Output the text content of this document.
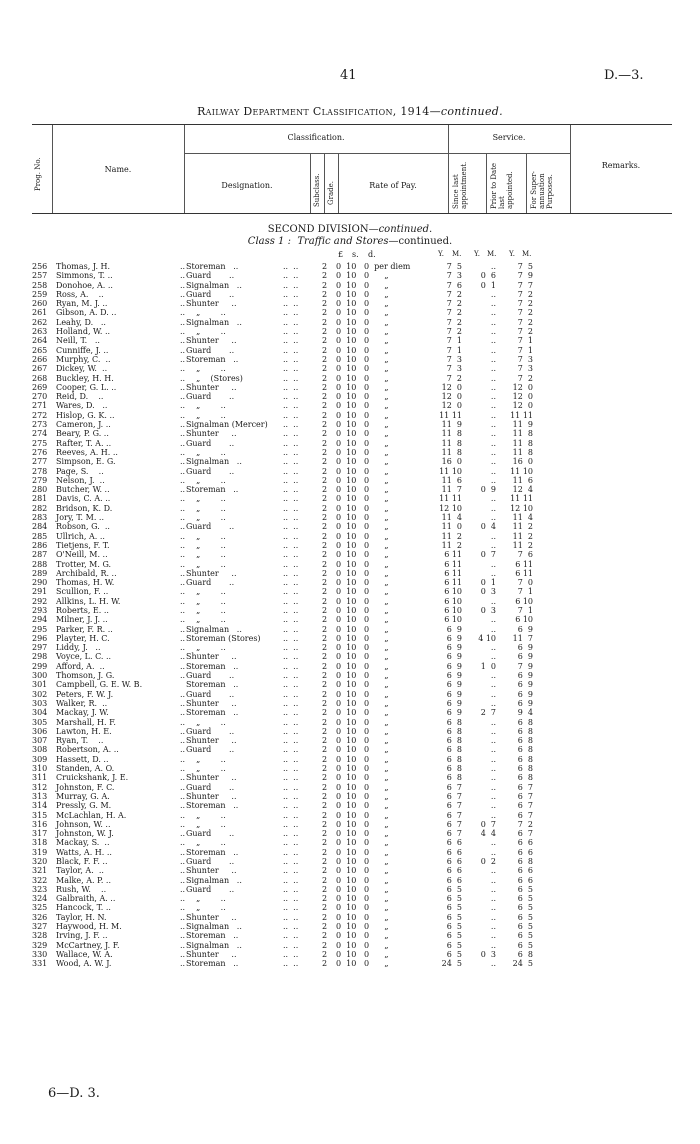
41	D.—3.
Railway Department Classification, 1914—continued.
Prog. No.	Name.
Classification.	Service.
Remarks.
Designation.	Subclass. Grade.	Rate of Pay.	Since last appointment.	Prior to Date last appointed. For Super- annuation Purposes.
SECOND DIVISION—continued.
Class 1 : Traffic and Stores—continued.
£ s. d.	Y. M. Y. M. Y. M.
256 Thomas, J. H.	.. Storeman   ..	..  ..	2 0  10   0  per diem	7  5	..	7  5
257 Simmons, T. ..	.. Guard       ..	..  ..	2 0  10   0      „	7  3	0  6	7  9
258 Donohoe, A. ..	.. Signalman   ..	..  ..	2 0  10   0      „	7  6	0  1	7  7
259 Ross, A.    ..	.. Guard       ..	..  ..	2 0  10   0      „	7  2	..	7  2
260 Ryan, M. J. ..	.. Shunter     ..	..  ..	2 0  10   0      „	7  2	..	7  2
261 Gibson, A. D. ..	.. „        ..	..  ..	2 0  10   0      „	7  2	..	7  2
262 Leahy, D.   ..	.. Signalman   ..	..  ..	2 0  10   0      „	7  2	..	7  2
263 Holland, W. ..	.. „        ..	..  ..	2 0  10   0      „	7  2	..	7  2
264 Neill, T.   ..	.. Shunter     ..	..  ..	2 0  10   0      „	7  1	..	7  1
265 Cunniffe, J. ..	.. Guard       ..	..  ..	2 0  10   0      „	7  1	..	7  1
266 Murphy, C.  ..	.. Storeman   ..	..  ..	2 0  10   0      „	7  3	..	7  3
267 Dickey, W.  ..	.. „        ..	..  ..	2 0  10   0      „	7  3	..	7  3
268 Buckley, H. H.	.. „    (Stores)	..  ..	2 0  10   0      „	7  2	..	7  2
269 Cooper, G. L. ..	.. Shunter     ..	..  ..	2 0  10   0      „	12  0	..	12  0
270 Reid, D.    ..	.. Guard       ..	..  ..	2 0  10   0      „	12  0	..	12  0
271 Wares, D.   ..	.. „        ..	..  ..	2 0  10   0      „	12  0	..	12  0
272 Hislop, G. K. ..	.. „        ..	..  ..	2 0  10   0      „	11 11	..	11 11
273 Cameron, J. ..	.. Signalman (Mercer) ..  ..	2 0  10   0      „	11  9	..	11  9
274 Beary, P. G. ..	.. Shunter     ..	..  ..	2 0  10   0      „	11  8	..	11  8
275 Rafter, T. A. ..	.. Guard       ..	..  ..	2 0  10   0      „	11  8	..	11  8
276 Reeves, A. H. ..	.. „        ..	..  ..	2 0  10   0      „	11  8	..	11  8
277 Simpson, E. G.	.. Signalman   ..	..  ..	2 0  10   0      „	16  0	..	16  0
278 Page, S.    ..	.. Guard       ..	..  ..	2 0  10   0      „	11 10	..	11 10
279 Nelson, J.  ..	.. „        ..	..  ..	2 0  10   0      „	11  6	..	11  6
280 Butcher, W. ..	.. Storeman   ..	..  ..	2 0  10   0      „	11  7	0  9	12  4
281 Davis, C. A. ..	.. „        ..	..  ..	2 0  10   0      „	11 11	..	11 11
282 Bridson, K. D.	.. „        ..	..  ..	2 0  10   0      „	12 10	..	12 10
283 Jory, T. M. ..	.. „        ..	..  ..	2 0  10   0      „	11  4	..	11  4
284 Robson, G.  ..	.. Guard       ..	..  ..	2 0  10   0      „	11  0	0  4	11  2
285 Ullrich, A. ..	.. „        ..	..  ..	2 0  10   0      „	11  2	..	11  2
286 Tietjens, F. T.	.. „        ..	..  ..	2 0  10   0      „	11  2	..	11  2
287 O'Neill, M. ..	.. „        ..	..  ..	2 0  10   0      „	6 11	0  7	7  6
288 Trotter, M. G.	.. „        ..	..  ..	2 0  10   0      „	6 11	..	6 11
289 Archibald, R. ..	.. Shunter     ..	..  ..	2 0  10   0      „	6 11	..	6 11
290 Thomas, H. W.	.. Guard       ..	..  ..	2 0  10   0      „	6 11	0  1	7  0
291 Scullion, F. ..	.. „        ..	..  ..	2 0  10   0      „	6 10	0  3	7  1
292 Allkins, L. H. W.	.. „        ..	..  ..	2 0  10   0      „	6 10	..	6 10
293 Roberts, E. ..	.. „        ..	..  ..	2 0  10   0      „	6 10	0  3	7  1
294 Milner, J. J. ..	.. „        ..	..  ..	2 0  10   0      „	6 10	..	6 10
295 Parker, F. R. ..	.. Signalman   ..	..  ..	2 0  10   0      „	6  9	..	6  9
296 Playter, H. C.	.. Storeman (Stores)	..  ..	2 0  10   0      „	6  9	4 10	11  7
297 Liddy, J.   ..	.. „        ..	..  ..	2 0  10   0      „	6  9	..	6  9
298 Voyce, L. C. ..	.. Shunter     ..	..  ..	2 0  10   0      „	6  9	..	6  9
299 Afford, A.  ..	.. Storeman   ..	..  ..	2 0  10   0      „	6  9	1  0	7  9
300 Thomson, J. G.	.. Guard       ..	..  ..	2 0  10   0      „	6  9	..	6  9
301 Campbell, G. E. W. B.	Storeman   ..	..  ..	2 0  10   0      „	6  9	..	6  9
302 Peters, F. W. J.	.. Guard       ..	..  ..	2 0  10   0      „	6  9	..	6  9
303 Walker, R.  ..	.. Shunter     ..	..  ..	2 0  10   0      „	6  9	..	6  9
304 Mackay, J. W.	.. Storeman   ..	..  ..	2 0  10   0      „	6  9	2  7	9  4
305 Marshall, H. F.	.. „        ..	..  ..	2 0  10   0      „	6  8	..	6  8
306 Lawton, H. E.	.. Guard       ..	..  ..	2 0  10   0      „	6  8	..	6  8
307 Ryan, T.    ..	.. Shunter     ..	..  ..	2 0  10   0      „	6  8	..	6  8
308 Robertson, A. ..	.. Guard       ..	..  ..	2 0  10   0      „	6  8	..	6  8
309 Hassett, D. ..	.. „        ..	..  ..	2 0  10   0      „	6  8	..	6  8
310 Standen, A. O.	.. „        ..	..  ..	2 0  10   0      „	6  8	..	6  8
311 Cruickshank, J. E.	.. Shunter     ..	..  ..	2 0  10   0      „	6  8	..	6  8
312 Johnston, F. C.	.. Guard       ..	..  ..	2 0  10   0      „	6  7	..	6  7
313 Murray, G. A.	.. Shunter     ..	..  ..	2 0  10   0      „	6  7	..	6  7
314 Pressly, G. M.	.. Storeman   ..	..  ..	2 0  10   0      „	6  7	..	6  7
315 McLachlan, H. A.	.. „        ..	..  ..	2 0  10   0      „	6  7	..	6  7
316 Johnson, W. ..	.. „        ..	..  ..	2 0  10   0      „	6  7	0  7	7  2
317 Johnston, W. J.	.. Guard       ..	..  ..	2 0  10   0      „	6  7	4  4	6  7
318 Mackay, S.  ..	.. „        ..	..  ..	2 0  10   0      „	6  6	..	6  6
319 Watts, A. H. ..	.. Storeman   ..	..  ..	2 0  10   0      „	6  6	..	6  6
320 Black, F. F. ..	.. Guard       ..	..  ..	2 0  10   0      „	6  6	0  2	6  8
321 Taylor, A.  ..	.. Shunter     ..	..  ..	2 0  10   0      „	6  6	..	6  6
322 Malke, A. P. ..	.. Signalman   ..	..  ..	2 0  10   0      „	6  6	..	6  6
323 Rush, W.    ..	.. Guard       ..	..  ..	2 0  10   0      „	6  5	..	6  5
324 Galbraith, A. ..	.. „        ..	..  ..	2 0  10   0      „	6  5	..	6  5
325 Hancock, T. ..	.. „        ..	..  ..	2 0  10   0      „	6  5	..	6  5
326 Taylor, H. N.	.. Shunter     ..	..  ..	2 0  10   0      „	6  5	..	6  5
327 Haywood, H. M.	.. Signalman   ..	..  ..	2 0  10   0      „	6  5	..	6  5
328 Irving, J. F. ..	.. Storeman   ..	..  ..	2 0  10   0      „	6  5	..	6  5
329 McCartney, J. F.	.. Signalman   ..	..  ..	2 0  10   0      „	6  5	..	6  5
330 Wallace, W. A.	.. Shunter     ..	..  ..	2 0  10   0      „	6  5	0  3	6  8
331 Wood, A. W. J.	.. Storeman   ..	..  ..	2 0  10   0      „	24  5	..	24  5
6—D. 3.
